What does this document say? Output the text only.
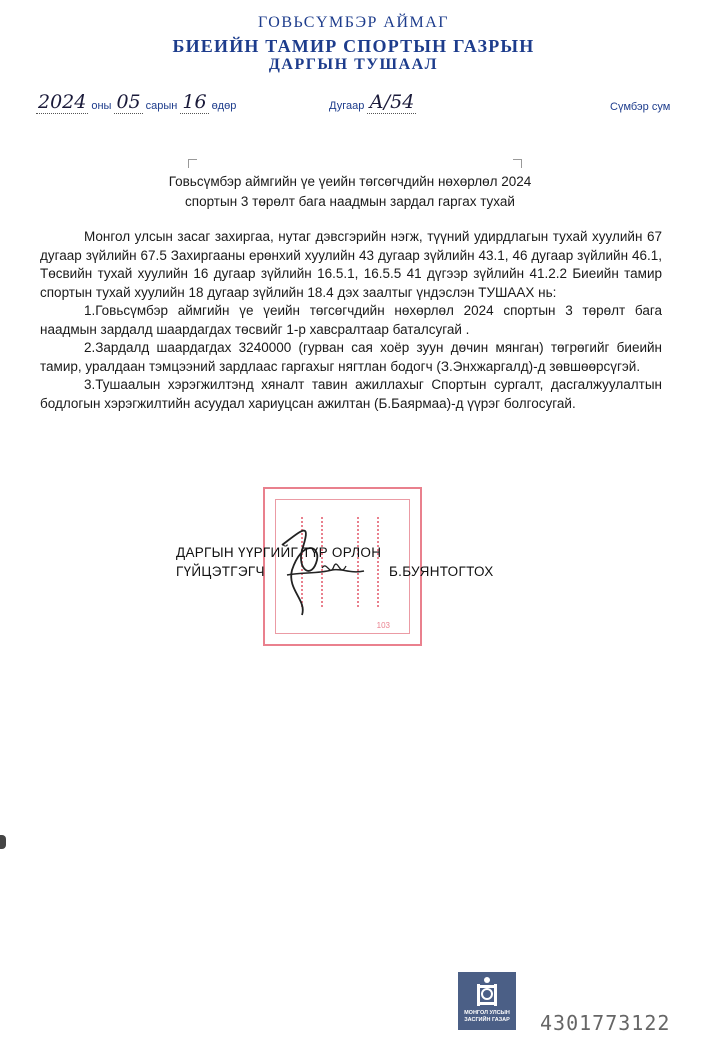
ГОВЬСҮМБЭР АЙМАГ
БИЕИЙН ТАМИР СПОРТЫН ГАЗРЫН
ДАРГЫН ТУШААЛ
2024 оны 05 сарын 16 өдөр	Дугаар А/54	Сүмбэр сум
Говьсүмбэр аймгийн үе үеийн төгсөгчдийн нөхөрлөл 2024
спортын 3 төрөлт бага наадмын зардал гаргах тухай

Монгол улсын засаг захиргаа, нутаг дэвсгэрийн нэгж, түүний удирдлагын тухай хуулийн 67 дугаар зүйлийн 67.5 Захиргааны ерөнхий хуулийн 43 дугаар зүйлийн 43.1, 46 дугаар зүйлийн 46.1, Төсвийн тухай хуулийн 16 дугаар зүйлийн 16.5.1, 16.5.5 41 дүгээр зүйлийн 41.2.2 Биеийн тамир спортын тухай хуулийн 18 дугаар зүйлийн 18.4 дэх заалтыг үндэслэн ТУШААХ нь:

1.Говьсүмбэр аймгийн үе үеийн төгсөгчдийн нөхөрлөл 2024 спортын 3 төрөлт бага наадмын зардалд шаардагдах төсвийг 1-р хавсралтаар баталсугай .

2.Зардалд шаардагдах 3240000 (гурван сая хоёр зуун дөчин мянган) төгрөгийг биеийн тамир, уралдаан тэмцээний зардлаас гаргахыг нягтлан бодогч (З.Энхжаргалд)-д зөвшөөрсүгэй.

3.Тушаалын хэрэгжилтэнд хяналт тавин ажиллахыг Спортын сургалт, дасгалжуулалтын бодлогын хэрэгжилтийн асуудал хариуцсан ажилтан (Б.Баярмаа)-д үүрэг болгосугай.

103
ДАРГЫН ҮҮРГИЙГ ТҮР ОРЛОН
ГҮЙЦЭТГЭГЧ	Б.БУЯНТОГТОХ
МОНГОЛ УЛСЫН
ЗАСГИЙН ГАЗАР	4301773122
